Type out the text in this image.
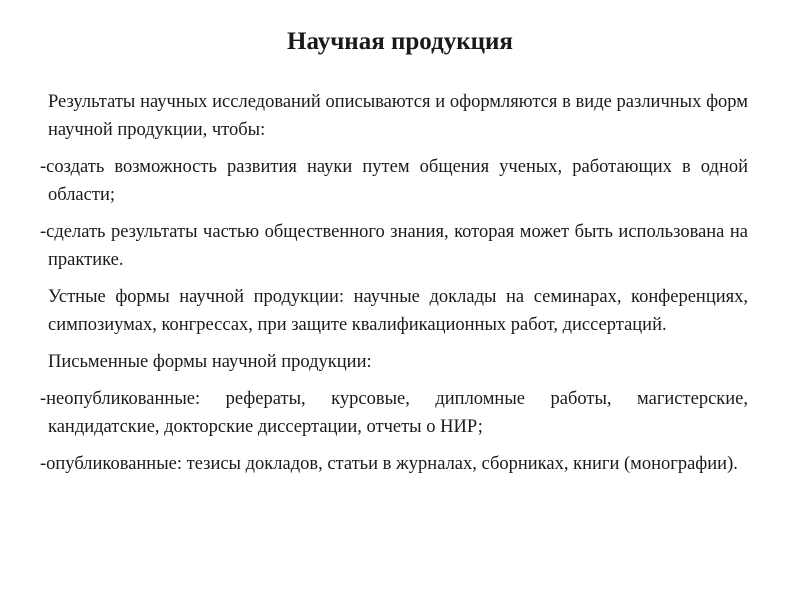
Научная продукция

Результаты научных исследований описываются и оформляются в виде различных форм научной продукции, чтобы:

-создать возможность развития науки путем общения ученых, работающих в одной области;

-сделать результаты частью общественного знания, которая может быть использована на практике.

Устные формы научной продукции: научные доклады на семинарах, конференциях, симпозиумах, конгрессах, при защите квалификационных работ, диссертаций.

Письменные формы научной продукции:

-неопубликованные: рефераты, курсовые, дипломные работы, магистерские, кандидатские, докторские диссертации, отчеты о НИР;

-опубликованные: тезисы докладов, статьи в журналах, сборниках, книги (монографии).
